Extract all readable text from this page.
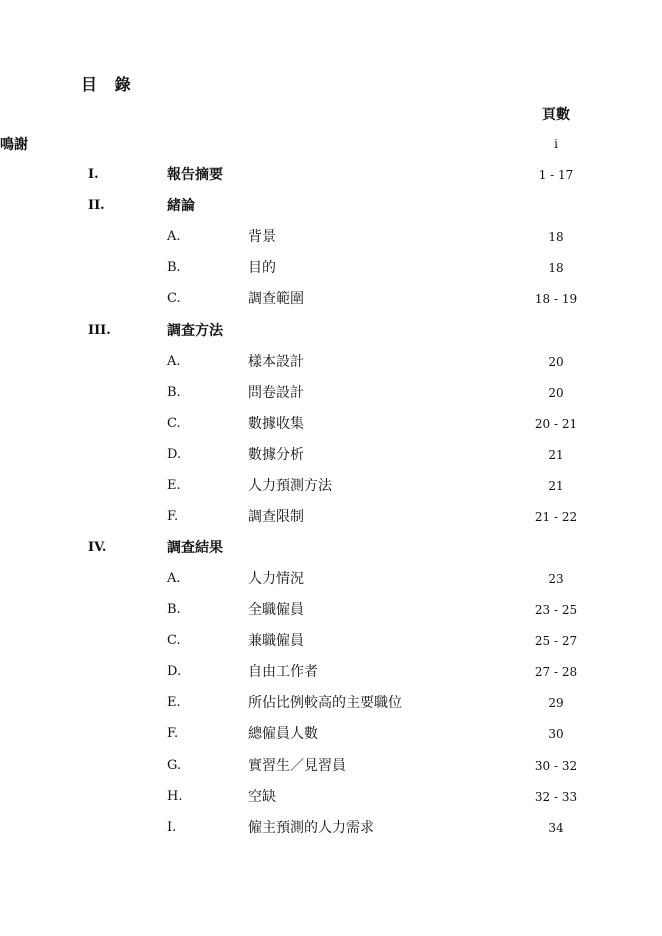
目 錄
頁數
鳴謝	i
I.	報告摘要	1 - 17
II.	緒論
A.	背景	18
B.	目的	18
C.	調查範圍	18 - 19
III.	調查方法
A.	樣本設計	20
B.	問卷設計	20
C.	數據收集	20 - 21
D.	數據分析	21
E.	人力預測方法	21
F.	調查限制	21 - 22
IV.	調查結果
A.	人力情況	23
B.	全職僱員	23 - 25
C.	兼職僱員	25 - 27
D.	自由工作者	27 - 28
E.	所佔比例較高的主要職位	29
F.	總僱員人數	30
G.	實習生／見習員	30 - 32
H.	空缺	32 - 33
I.	僱主預測的人力需求	34
